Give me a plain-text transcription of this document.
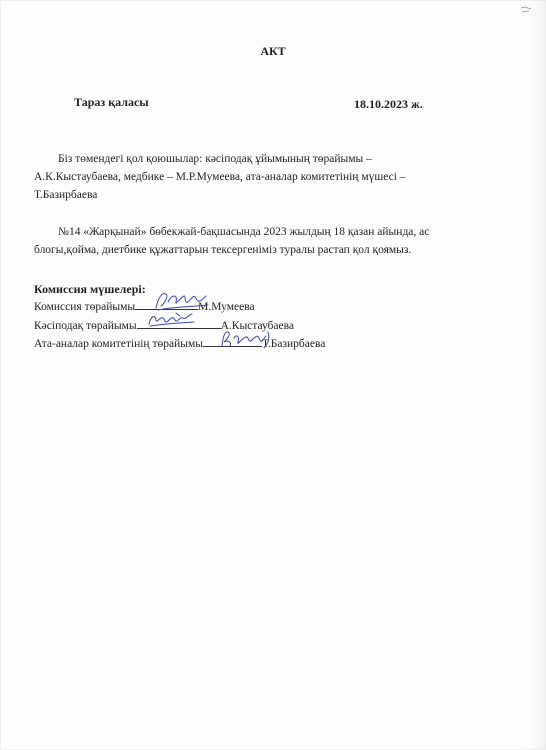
АКТ
Тараз қаласы	18.10.2023 ж.
Біз төмендегі қол қоюшылар: кәсіподақ ұйымының төрайымы –
А.К.Кыстаубаева, медбике – М.Р.Мумеева, ата-аналар комитетінің мүшесі –
Т.Базирбаева
№14 «Жарқынай» бөбекжай-бақшасында 2023 жылдың 18 қазан айында, ас
блогы,қойма, диетбике құжаттарын тексергеніміз туралы растап қол қоямыз.
Комиссия мүшелері:
Комиссия төрайымы	М.Мумеева
Кәсіподақ төрайымы	А.Кыстаубаева
Ата-аналар комитетінің төрайымы	Т.Базирбаева
